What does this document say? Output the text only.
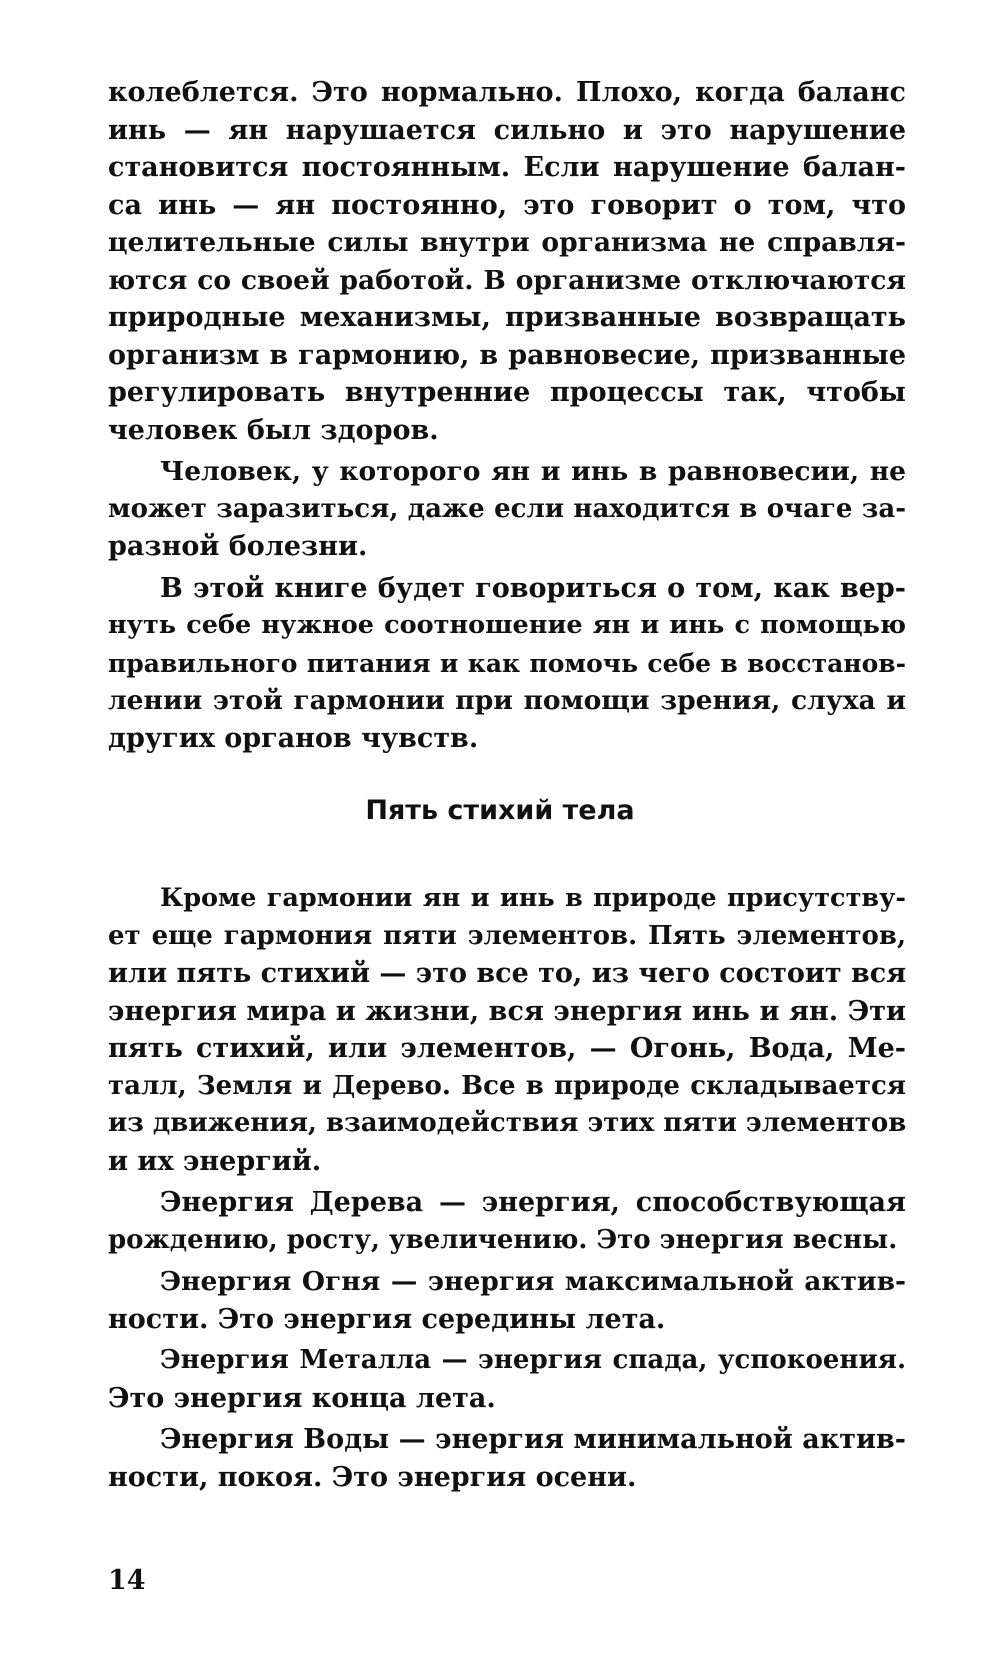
колеблется. Это нормально. Плохо, когда баланс
инь — ян нарушается сильно и это нарушение
становится постоянным. Если нарушение балан-
са инь — ян постоянно, это говорит о том, что
целительные силы внутри организма не справля-
ются со своей работой. В организме отключаются
природные механизмы, призванные возвращать
организм в гармонию, в равновесие, призванные
регулировать внутренние процессы так, чтобы
человек был здоров.
Человек, у которого ян и инь в равновесии, не
может заразиться, даже если находится в очаге за-
разной болезни.
В этой книге будет говориться о том, как вер-
нуть себе нужное соотношение ян и инь с помощью
правильного питания и как помочь себе в восстанов-
лении этой гармонии при помощи зрения, слуха и
других органов чувств.
Пять стихий тела
Кроме гармонии ян и инь в природе присутству-
ет еще гармония пяти элементов. Пять элементов,
или пять стихий — это все то, из чего состоит вся
энергия мира и жизни, вся энергия инь и ян. Эти
пять стихий, или элементов, — Огонь, Вода, Ме-
талл, Земля и Дерево. Все в природе складывается
из движения, взаимодействия этих пяти элементов
и их энергий.
Энергия Дерева — энергия, способствующая
рождению, росту, увеличению. Это энергия весны.
Энергия Огня — энергия максимальной актив-
ности. Это энергия середины лета.
Энергия Металла — энергия спада, успокоения.
Это энергия конца лета.
Энергия Воды — энергия минимальной актив-
ности, покоя. Это энергия осени.
14
